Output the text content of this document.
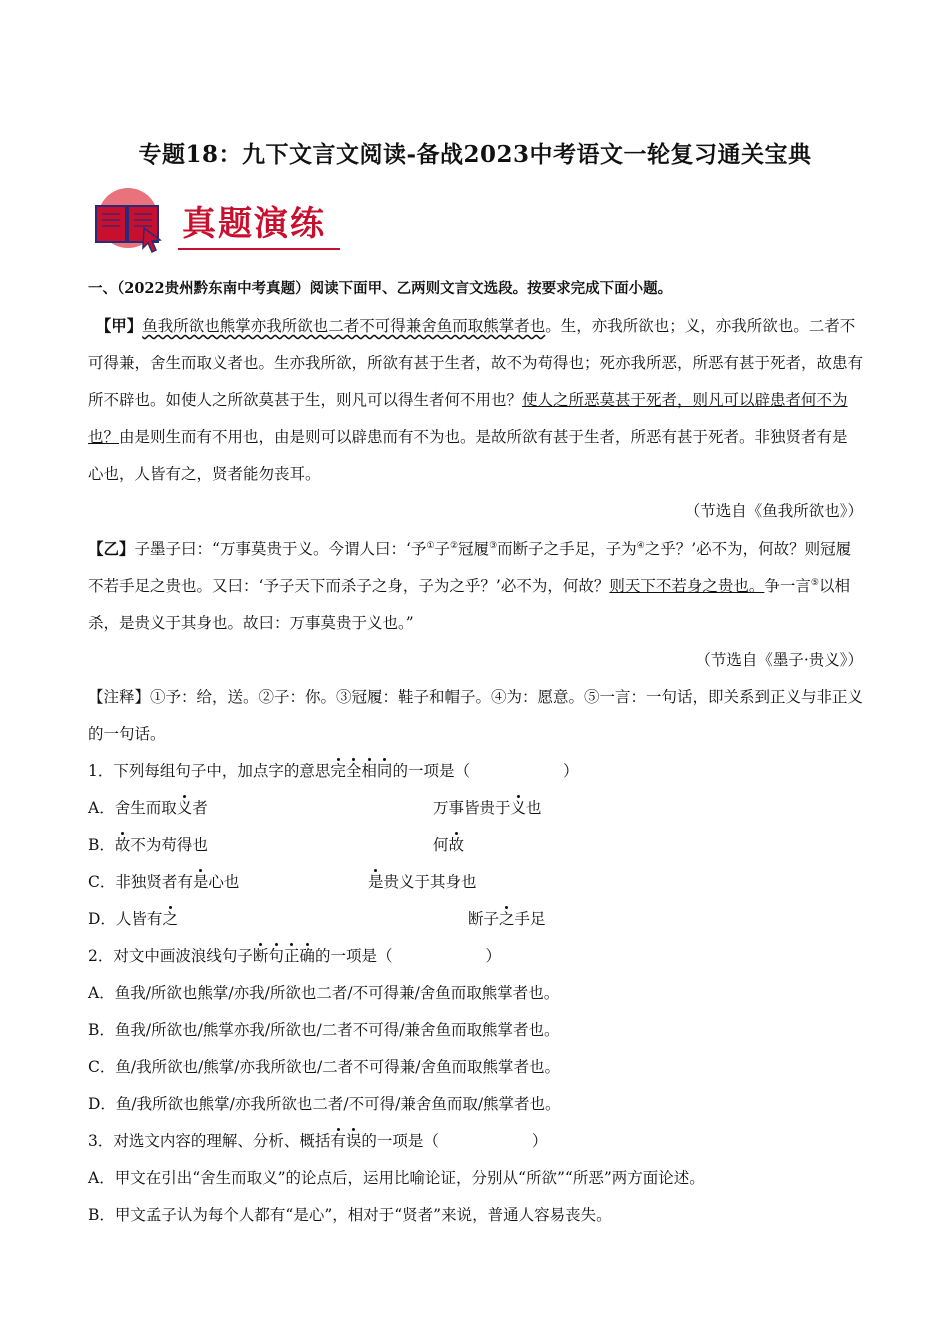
专题18：九下文言文阅读-备战2023中考语文一轮复习通关宝典
真题演练

一、（2022贵州黔东南中考真题）阅读下面甲、乙两则文言文选段。按要求完成下面小题。

　【甲】鱼我所欲也熊掌亦我所欲也二者不可得兼舍鱼而取熊掌者也。生，亦我所欲也；义，亦我所欲也。二者不可得兼，舍生而取义者也。生亦我所欲，所欲有甚于生者，故不为苟得也；死亦我所恶，所恶有甚于死者，故患有所不辟也。如使人之所欲莫甚于生，则凡可以得生者何不用也？使人之所恶莫甚于死者，则凡可以辟患者何不为也？由是则生而有不用也，由是则可以辟患而有不为也。是故所欲有甚于生者，所恶有甚于死者。非独贤者有是心也，人皆有之，贤者能勿丧耳。

（节选自《鱼我所欲也》）

【乙】子墨子曰：“万事莫贵于义。今谓人曰：‘予①子②冠履③而断子之手足，子为④之乎？’必不为，何故？则冠履不若手足之贵也。又曰：‘予子天下而杀子之身，子为之乎？’必不为，何故？则天下不若身之贵也。争一言⑤以相杀，是贵义于其身也。故曰：万事莫贵于义也。”

（节选自《墨子·贵义》）

【注释】①予：给，送。②子：你。③冠履：鞋子和帽子。④为：愿意。⑤一言：一句话，即关系到正义与非正义的一句话。

1．下列每组句子中，加点字的意思完全相同的一项是（　　　　　　）

A．舍生而取义者	万事皆贵于义也
B．故不为苟得也	何故
C．非独贤者有是心也	是贵义于其身也
D．人皆有之	断子之手足

2．对文中画波浪线句子断句正确的一项是（　　　　　　）

A．鱼我/所欲也熊掌/亦我/所欲也二者/不可得兼/舍鱼而取熊掌者也。

B．鱼我/所欲也/熊掌亦我/所欲也/二者不可得/兼舍鱼而取熊掌者也。

C．鱼/我所欲也/熊掌/亦我所欲也/二者不可得兼/舍鱼而取熊掌者也。

D．鱼/我所欲也熊掌/亦我所欲也二者/不可得/兼舍鱼而取/熊掌者也。

3．对选文内容的理解、分析、概括有误的一项是（　　　　　　）

A．甲文在引出“舍生而取义”的论点后，运用比喻论证，分别从“所欲”“所恶”两方面论述。

B．甲文孟子认为每个人都有“是心”，相对于“贤者”来说，普通人容易丧失。
